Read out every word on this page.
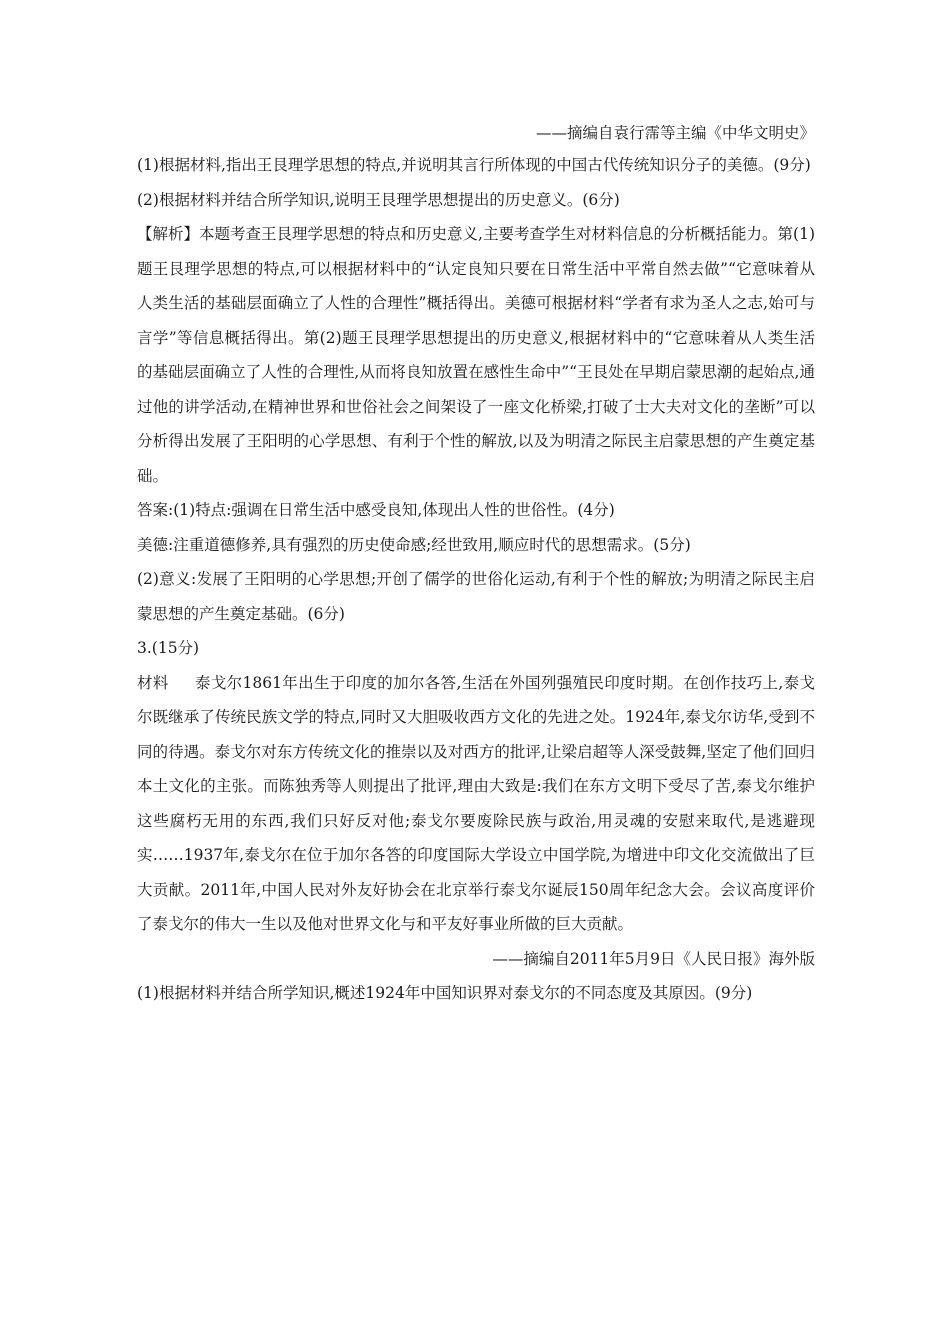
——摘编自袁行霈等主编《中华文明史》

(1)根据材料,指出王艮理学思想的特点,并说明其言行所体现的中国古代传统知识分子的美德。(9分)

(2)根据材料并结合所学知识,说明王艮理学思想提出的历史意义。(6分)

【解析】本题考查王艮理学思想的特点和历史意义,主要考查学生对材料信息的分析概括能力。第(1)题王艮理学思想的特点,可以根据材料中的“认定良知只要在日常生活中平常自然去做”“它意味着从人类生活的基础层面确立了人性的合理性”概括得出。美德可根据材料“学者有求为圣人之志,始可与言学”等信息概括得出。第(2)题王艮理学思想提出的历史意义,根据材料中的“它意味着从人类生活的基础层面确立了人性的合理性,从而将良知放置在感性生命中”“王艮处在早期启蒙思潮的起始点,通过他的讲学活动,在精神世界和世俗社会之间架设了一座文化桥梁,打破了士大夫对文化的垄断”可以分析得出发展了王阳明的心学思想、有利于个性的解放,以及为明清之际民主启蒙思想的产生奠定基础。

答案:(1)特点:强调在日常生活中感受良知,体现出人性的世俗性。(4分)

美德:注重道德修养,具有强烈的历史使命感;经世致用,顺应时代的思想需求。(5分)

(2)意义:发展了王阳明的心学思想;开创了儒学的世俗化运动,有利于个性的解放;为明清之际民主启蒙思想的产生奠定基础。(6分)

3.(15分)

材料 泰戈尔1861年出生于印度的加尔各答,生活在外国列强殖民印度时期。在创作技巧上,泰戈尔既继承了传统民族文学的特点,同时又大胆吸收西方文化的先进之处。1924年,泰戈尔访华,受到不同的待遇。泰戈尔对东方传统文化的推崇以及对西方的批评,让梁启超等人深受鼓舞,坚定了他们回归本土文化的主张。而陈独秀等人则提出了批评,理由大致是:我们在东方文明下受尽了苦,泰戈尔维护这些腐朽无用的东西,我们只好反对他;泰戈尔要废除民族与政治,用灵魂的安慰来取代,是逃避现实……1937年,泰戈尔在位于加尔各答的印度国际大学设立中国学院,为增进中印文化交流做出了巨大贡献。2011年,中国人民对外友好协会在北京举行泰戈尔诞辰150周年纪念大会。会议高度评价了泰戈尔的伟大一生以及他对世界文化与和平友好事业所做的巨大贡献。

——摘编自2011年5月9日《人民日报》海外版

(1)根据材料并结合所学知识,概述1924年中国知识界对泰戈尔的不同态度及其原因。(9分)
